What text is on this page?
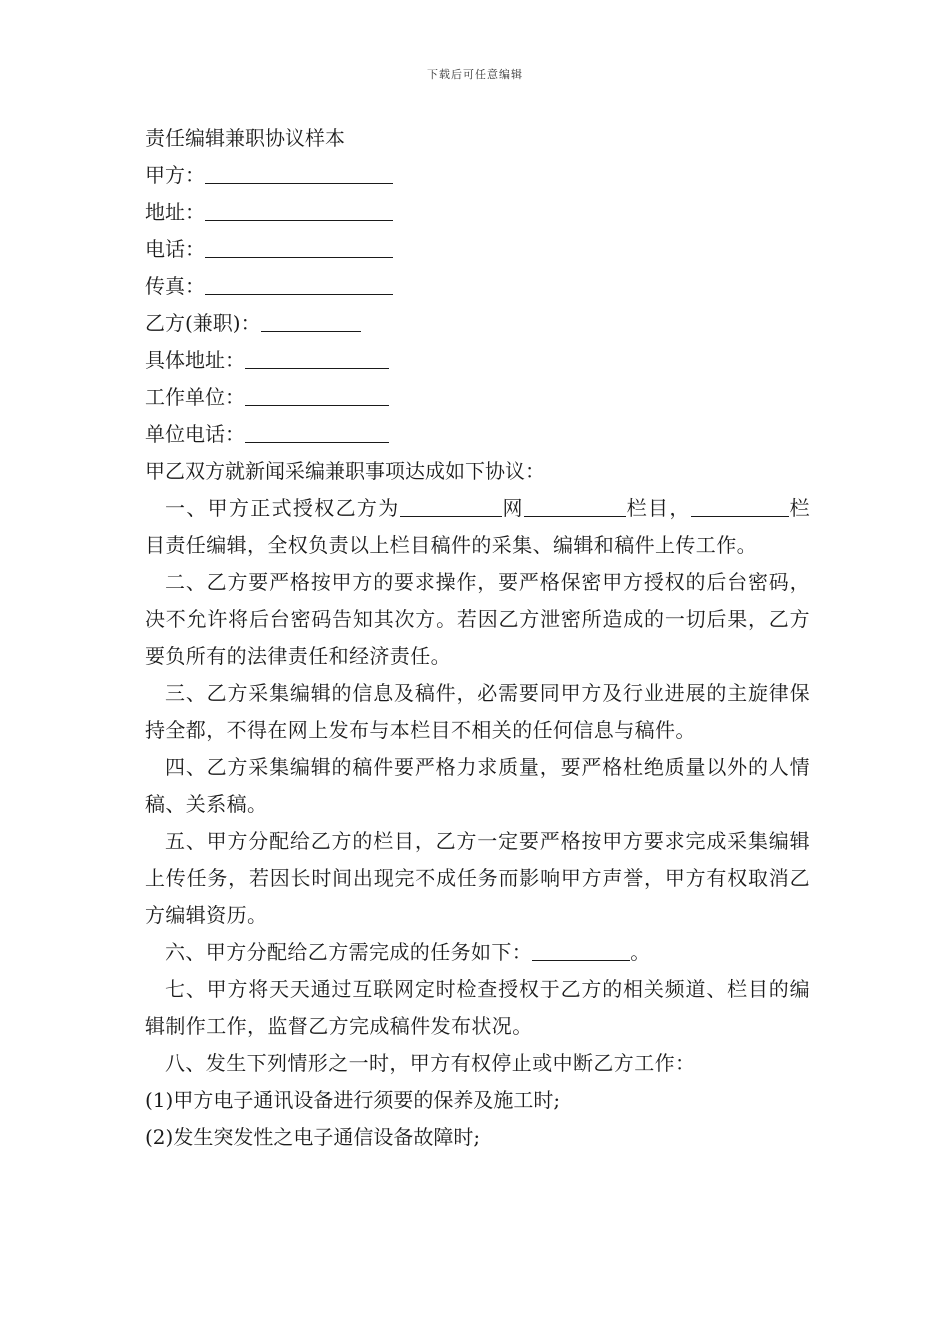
下载后可任意编辑

责任编辑兼职协议样本

甲方：

地址：

电话：

传真：

乙方(兼职)：

具体地址：

工作单位：

单位电话：

甲乙双方就新闻采编兼职事项达成如下协议：

一、甲方正式授权乙方为	网	栏目，	栏目责任编辑，全权负责以上栏目稿件的采集、编辑和稿件上传工作。

二、乙方要严格按甲方的要求操作，要严格保密甲方授权的后台密码，决不允许将后台密码告知其次方。若因乙方泄密所造成的一切后果，乙方要负所有的法律责任和经济责任。

三、乙方采集编辑的信息及稿件，必需要同甲方及行业进展的主旋律保持全都，不得在网上发布与本栏目不相关的任何信息与稿件。

四、乙方采集编辑的稿件要严格力求质量，要严格杜绝质量以外的人情稿、关系稿。

五、甲方分配给乙方的栏目，乙方一定要严格按甲方要求完成采集编辑上传任务，若因长时间出现完不成任务而影响甲方声誉，甲方有权取消乙方编辑资历。

六、甲方分配给乙方需完成的任务如下：	。

七、甲方将天天通过互联网定时检查授权于乙方的相关频道、栏目的编辑制作工作，监督乙方完成稿件发布状况。

八、发生下列情形之一时，甲方有权停止或中断乙方工作：

(1)甲方电子通讯设备进行须要的保养及施工时;

(2)发生突发性之电子通信设备故障时;
